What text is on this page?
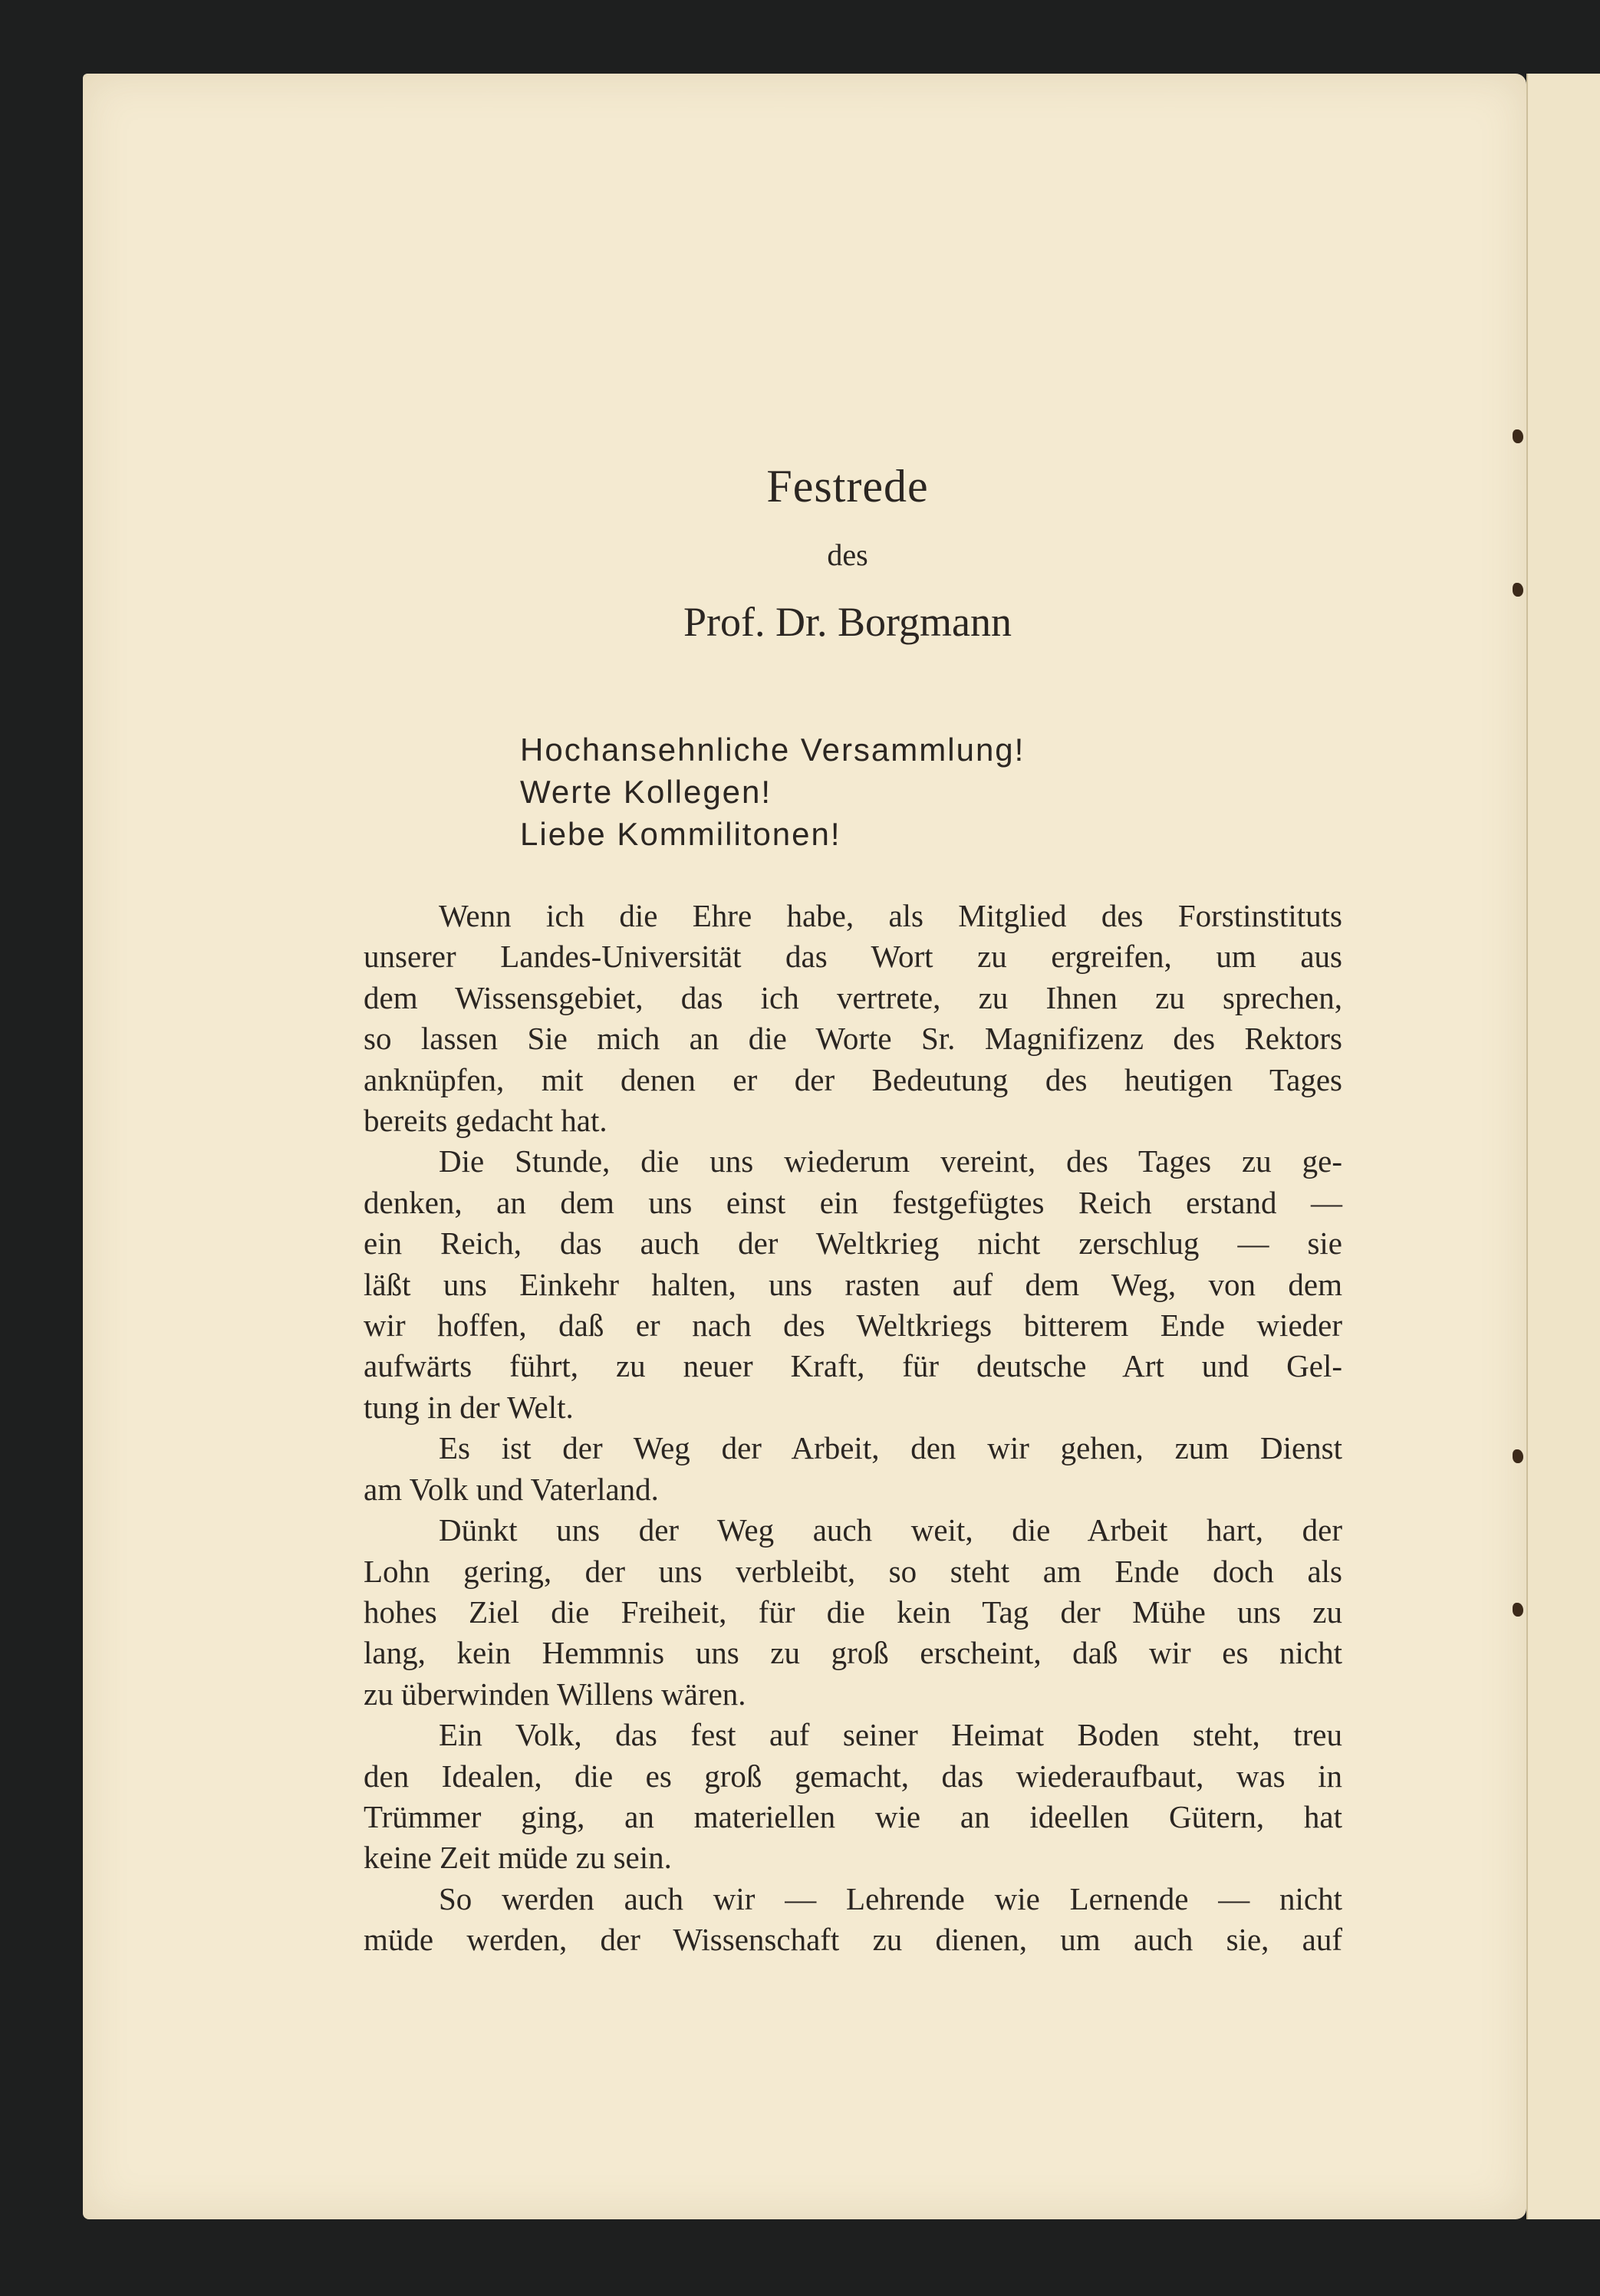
Festrede
des
Prof. Dr. Borgmann
Hochansehnliche Versammlung!
Werte Kollegen!
Liebe Kommilitonen!

Wenn ich die Ehre habe, als Mitglied des Forstinstituts
unserer Landes-Universität das Wort zu ergreifen, um aus
dem Wissensgebiet, das ich vertrete, zu Ihnen zu sprechen,
so lassen Sie mich an die Worte Sr. Magnifizenz des Rektors
anknüpfen, mit denen er der Bedeutung des heutigen Tages
bereits gedacht hat.

Die Stunde, die uns wiederum vereint, des Tages zu ge-
denken, an dem uns einst ein festgefügtes Reich erstand —
ein Reich, das auch der Weltkrieg nicht zerschlug — sie
läßt uns Einkehr halten, uns rasten auf dem Weg, von dem
wir hoffen, daß er nach des Weltkriegs bitterem Ende wieder
aufwärts führt, zu neuer Kraft, für deutsche Art und Gel-
tung in der Welt.

Es ist der Weg der Arbeit, den wir gehen, zum Dienst
am Volk und Vaterland.

Dünkt uns der Weg auch weit, die Arbeit hart, der
Lohn gering, der uns verbleibt, so steht am Ende doch als
hohes Ziel die Freiheit, für die kein Tag der Mühe uns zu
lang, kein Hemmnis uns zu groß erscheint, daß wir es nicht
zu überwinden Willens wären.

Ein Volk, das fest auf seiner Heimat Boden steht, treu
den Idealen, die es groß gemacht, das wiederaufbaut, was in
Trümmer ging, an materiellen wie an ideellen Gütern, hat
keine Zeit müde zu sein.

So werden auch wir — Lehrende wie Lernende — nicht
müde werden, der Wissenschaft zu dienen, um auch sie, auf
